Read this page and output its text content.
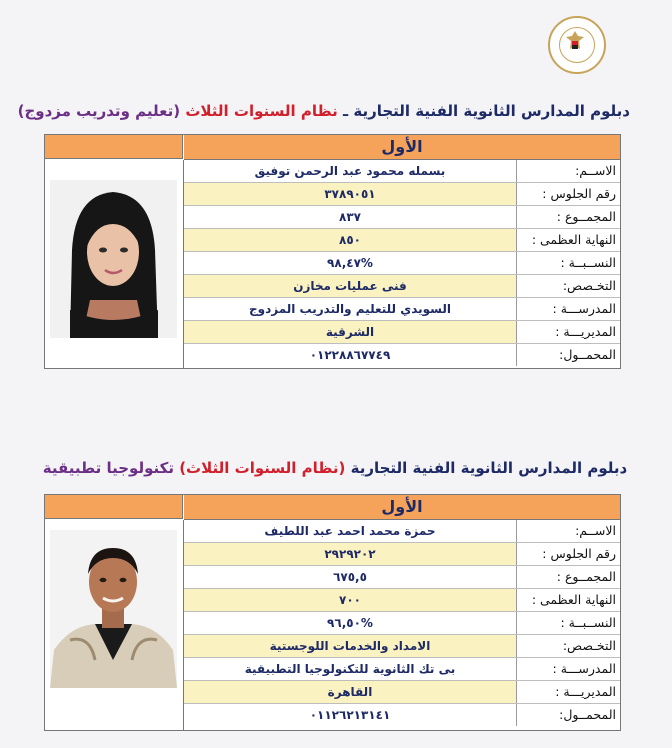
دبلوم المدارس الثانوية الفنية التجارية ـ نظام السنوات الثلاث (تعليم وتدريب مزدوج)
الأول
بسمله محمود عبد الرحمن توفيق	الاســم:
٣٧٨٩٠٥١	رقم الجلوس :
٨٣٧	المجمــوع :
٨٥٠	النهاية العظمى :
%٩٨,٤٧	النســبــة :
فنى عمليات مخازن	التخـصص:
السويدي للتعليم والتدريب المزدوج	المدرســـة :
الشرقية	المديريـــة :
٠١٢٢٨٨٦٧٧٤٩	المحمــول:
دبلوم المدارس الثانوية الفنية التجارية (نظام السنوات الثلاث) تكنولوجيا تطبيقية
الأول
حمزة محمد احمد عبد اللطيف	الاســم:
٢٩٢٩٢٠٢	رقم الجلوس :
٦٧٥,٥	المجمــوع :
٧٠٠	النهاية العظمى :
%٩٦,٥٠	النســبــة :
الامداد والخدمات اللوجستية	التخـصص:
بى تك الثانوية للتكنولوجيا التطبيقية	المدرســـة :
القاهرة	المديريـــة :
٠١١٢٦٢١٣١٤١	المحمــول:
